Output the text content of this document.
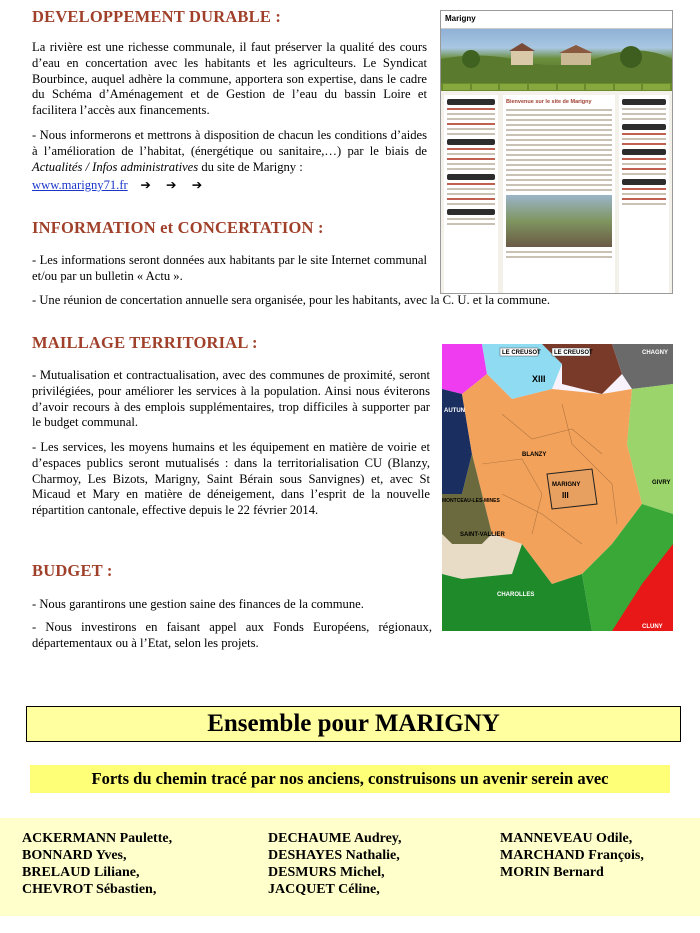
DEVELOPPEMENT DURABLE :
La rivière est une richesse communale, il faut préserver la qualité des cours d’eau en concertation avec les habitants et les agriculteurs. Le Syndicat Bourbince, auquel adhère la commune, apportera son expertise, dans le cadre du Schéma d’Aménagement et de Gestion de l’eau du bassin Loire et facilitera l’accès aux financements.
- Nous informerons et mettrons à disposition de chacun les conditions d’aides à l’amélioration de l’habitat, (énergétique ou sanitaire,…) par le biais de Actualités / Infos administratives du site de Marigny :
www.marigny71.fr ➔ ➔ ➔
Marigny
Bienvenue sur le site de Marigny
INFORMATION et CONCERTATION :
- Les informations seront données aux habitants par le site Internet communal et/ou par un bulletin « Actu ».
- Une réunion de concertation annuelle sera organisée, pour les habitants, avec la C. U. et la commune.
MAILLAGE TERRITORIAL :
- Mutualisation et contractualisation, avec des communes de proximité, seront privilégiées, pour améliorer les services à la population. Ainsi nous éviterons d’avoir recours à des emplois supplémentaires, trop difficiles à supporter par le budget communal.
- Les services, les moyens humains et les équipement en matière de voirie et d’espaces publics seront mutualisés : dans la territorialisation CU (Blanzy, Charmoy, Les Bizots, Marigny, Saint Bérain sous Sanvignes) et, avec St Micaud et Mary en matière de déneigement, dans l’esprit de la nouvelle répartition cantonale, effective depuis le 22 février 2014.
LE CREUSOT LE CREUSOT	CHAGNY
XIII
AUTUN
BLANZY
MARIGNY
III
GIVRY
MONTCEAU-LES-MINES
SAINT-VALLIER
CHAROLLES
CLUNY
BUDGET :
- Nous garantirons une gestion saine des finances de la commune.
- Nous investirons en faisant appel aux Fonds Européens, régionaux, départementaux ou à l’Etat, selon les projets.
Ensemble pour MARIGNY
Forts du chemin tracé par nos anciens, construisons un avenir serein avec
ACKERMANN Paulette,
BONNARD Yves,
BRELAUD Liliane,
CHEVROT Sébastien,
DECHAUME Audrey,
DESHAYES Nathalie,
DESMURS Michel,
JACQUET Céline,
MANNEVEAU Odile,
MARCHAND François,
MORIN Bernard
